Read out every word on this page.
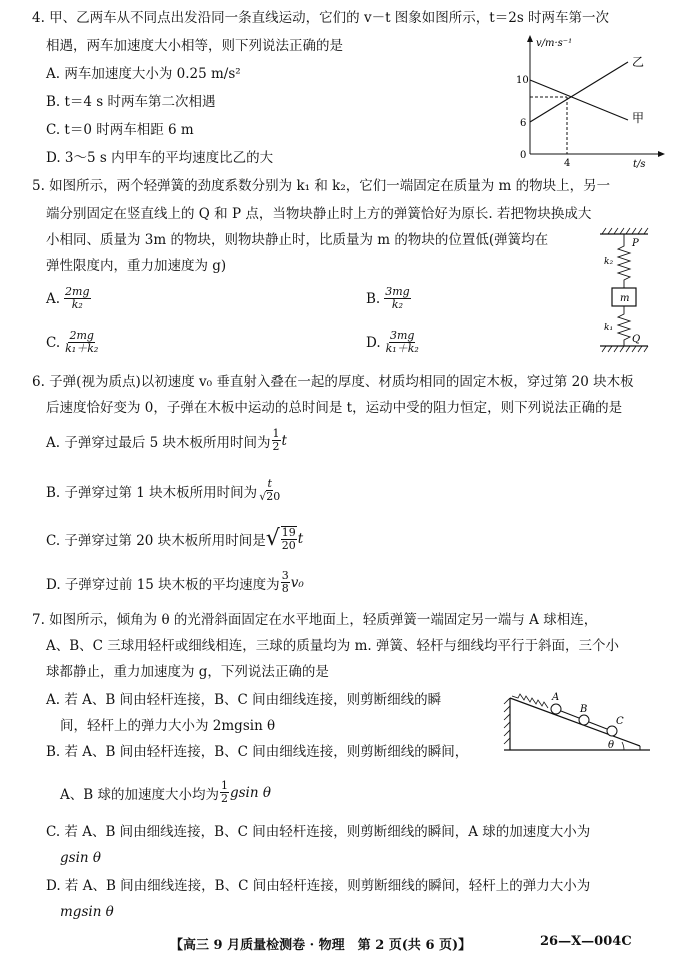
4. 甲、乙两车从不同点出发沿同一条直线运动，它们的 v－t 图象如图所示，t＝2s 时两车第一次
相遇，两车加速度大小相等，则下列说法正确的是
A. 两车加速度大小为 0.25 m/s²
B. t＝4 s 时两车第二次相遇
C. t＝0 时两车相距 6 m
D. 3～5 s 内甲车的平均速度比乙的大
v/m·s⁻¹
t/s
10
6
0
4
乙
甲
5. 如图所示，两个轻弹簧的劲度系数分别为 k₁ 和 k₂，它们一端固定在质量为 m 的物块上，另一
端分别固定在竖直线上的 Q 和 P 点，当物块静止时上方的弹簧恰好为原长. 若把物块换成大
小相同、质量为 3m 的物块，则物块静止时，比质量为 m 的物块的位置低(弹簧均在
弹性限度内，重力加速度为 g)
A. $\frac{2mg}{\text{k₂}}$	B. $\frac{3mg}{\text{k₂}}$
C. $\frac{2mg}{\text{k₁＋k₂}}$	D. $\frac{3mg}{\text{k₁＋k₂}}$
P
k₂
m
k₁
Q
6. 子弹(视为质点)以初速度 v₀ 垂直射入叠在一起的厚度、材质均相同的固定木板，穿过第 20 块木板
后速度恰好变为 0，子弹在木板中运动的总时间是 t，运动中受的阻力恒定，则下列说法正确的是
A. 子弹穿过最后 5 块木板所用时间为 $\frac{1}{2}$ t
B. 子弹穿过第 1 块木板所用时间为 $\frac{t}{√20}$
C. 子弹穿过第 20 块木板所用时间是 √ $\frac{19}{20}$ t
D. 子弹穿过前 15 块木板的平均速度为 $\frac{3}{8} v_0$
7. 如图所示，倾角为 θ 的光滑斜面固定在水平地面上，轻质弹簧一端固定另一端与 A 球相连，
A、B、C 三球用轻杆或细线相连，三球的质量均为 m. 弹簧、轻杆与细线均平行于斜面，三个小
球都静止，重力加速度为 g，下列说法正确的是
A. 若 A、B 间由轻杆连接，B、C 间由细线连接，则剪断细线的瞬
间，轻杆上的弹力大小为 2mgsin θ
B. 若 A、B 间由轻杆连接，B、C 间由细线连接，则剪断细线的瞬间，
A、B 球的加速度大小均为 $\frac{1}{2}$ gsin θ
C. 若 A、B 间由细线连接，B、C 间由轻杆连接，则剪断细线的瞬间，A 球的加速度大小为
gsin θ
D. 若 A、B 间由细线连接，B、C 间由轻杆连接，则剪断细线的瞬间，轻杆上的弹力大小为
mgsin θ
A
B
C
θ
【高三 9 月质量检测卷 · 物理　第 2 页(共 6 页)】	26—X—004C
